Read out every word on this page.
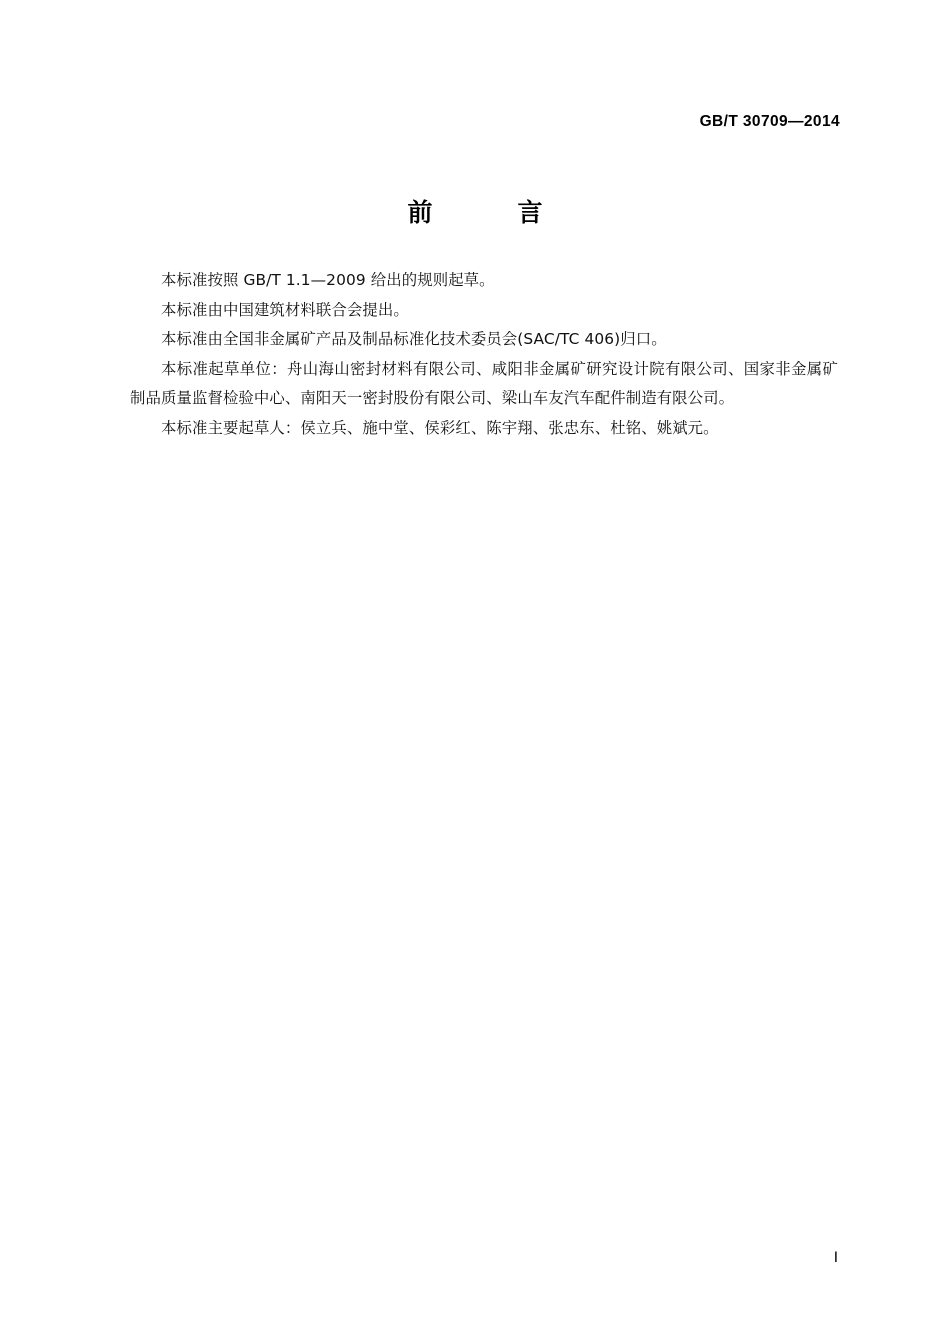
GB/T 30709—2014
前　言

本标准按照 GB/T 1.1—2009 给出的规则起草。

本标准由中国建筑材料联合会提出。

本标准由全国非金属矿产品及制品标准化技术委员会(SAC/TC 406)归口。

本标准起草单位：舟山海山密封材料有限公司、咸阳非金属矿研究设计院有限公司、国家非金属矿制品质量监督检验中心、南阳天一密封股份有限公司、梁山车友汽车配件制造有限公司。

本标准主要起草人：侯立兵、施中堂、侯彩红、陈宇翔、张忠东、杜铭、姚斌元。

Ⅰ
